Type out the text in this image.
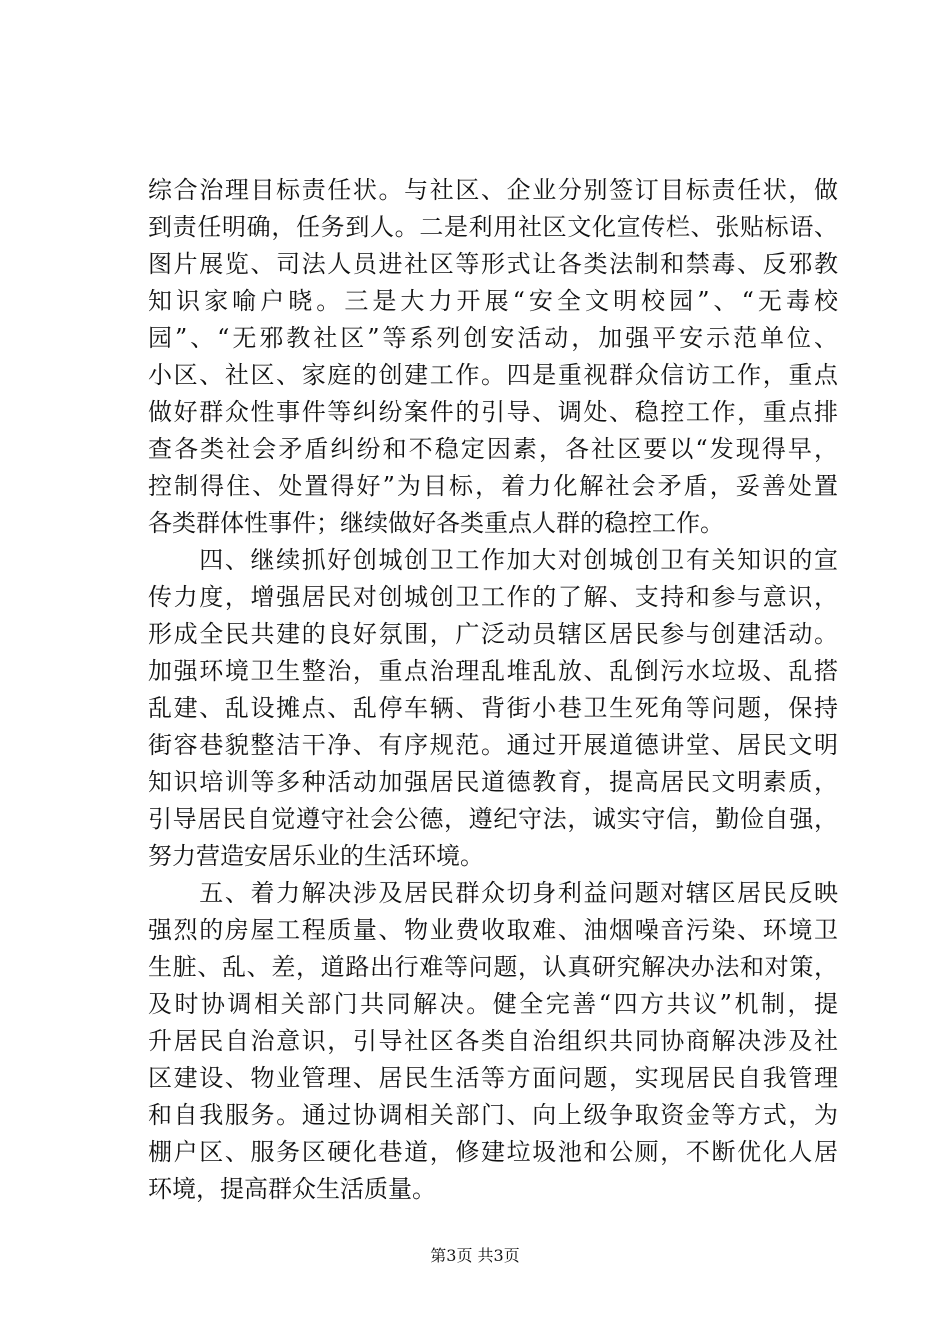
综合治理目标责任状。与社区、企业分别签订目标责任状，做
到责任明确，任务到人。二是利用社区文化宣传栏、张贴标语、
图片展览、司法人员进社区等形式让各类法制和禁毒、反邪教
知识家喻户晓。三是大力开展“安全文明校园”、“无毒校
园”、“无邪教社区”等系列创安活动，加强平安示范单位、
小区、社区、家庭的创建工作。四是重视群众信访工作，重点
做好群众性事件等纠纷案件的引导、调处、稳控工作，重点排
查各类社会矛盾纠纷和不稳定因素，各社区要以“发现得早，
控制得住、处置得好”为目标，着力化解社会矛盾，妥善处置
各类群体性事件；继续做好各类重点人群的稳控工作。
　　四、继续抓好创城创卫工作加大对创城创卫有关知识的宣
传力度，增强居民对创城创卫工作的了解、支持和参与意识，
形成全民共建的良好氛围，广泛动员辖区居民参与创建活动。
加强环境卫生整治，重点治理乱堆乱放、乱倒污水垃圾、乱搭
乱建、乱设摊点、乱停车辆、背街小巷卫生死角等问题，保持
街容巷貌整洁干净、有序规范。通过开展道德讲堂、居民文明
知识培训等多种活动加强居民道德教育，提高居民文明素质，
引导居民自觉遵守社会公德，遵纪守法，诚实守信，勤俭自强，
努力营造安居乐业的生活环境。
　　五、着力解决涉及居民群众切身利益问题对辖区居民反映
强烈的房屋工程质量、物业费收取难、油烟噪音污染、环境卫
生脏、乱、差，道路出行难等问题，认真研究解决办法和对策，
及时协调相关部门共同解决。健全完善“四方共议”机制，提
升居民自治意识，引导社区各类自治组织共同协商解决涉及社
区建设、物业管理、居民生活等方面问题，实现居民自我管理
和自我服务。通过协调相关部门、向上级争取资金等方式，为
棚户区、服务区硬化巷道，修建垃圾池和公厕，不断优化人居
环境，提高群众生活质量。
第3页 共3页
